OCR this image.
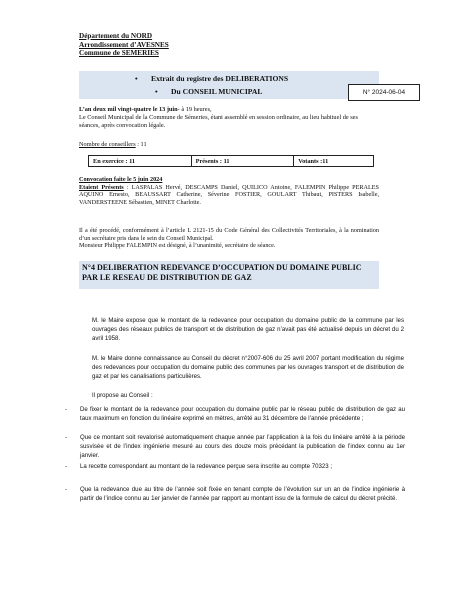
Département du NORD
Arrondissement d’AVESNES
Commune de SEMERIES
• Extrait du registre des DELIBERATIONS
• Du CONSEIL MUNICIPAL	N° 2024-06-04
L’an deux mil vingt-quatre le 13 juin- à 19 heures,
Le Conseil Municipal de la Commune de Sémeries, étant assemblé en session ordinaire, au lieu habituel de ses séances, après convocation légale.
Nombre de conseillers : 11
En exercice : 11	Présents : 11	Votants :11
Convocation faite le 5 juin 2024
Etaient Présents : LASPALAS Hervé, DESCAMPS Daniel, QUILICO Antoine, FALEMPIN Philippe PERALES AQUINO Ernesto, BEAUSSART Catherine, Séverine FOSTIER, GOULART Thibaut, PISTERS Isabelle, VANDERSTEENE Sébastien, MINET Charlotte.
Il a été procédé, conformément à l’article L 2121-15 du Code Général des Collectivités Territoriales, à la nomination d’un secrétaire pris dans le sein du Conseil Municipal.
Monsieur Philippe FALEMPIN est désigné, à l’unanimité, secrétaire de séance.
N°4 DELIBERATION REDEVANCE D’OCCUPATION DU DOMAINE PUBLIC PAR LE RESEAU DE DISTRIBUTION DE GAZ
M. le Maire expose que le montant de la redevance pour occupation du domaine public de la commune par les ouvrages des réseaux publics de transport et de distribution de gaz n’avait pas été actualisé depuis un décret du 2 avril 1958.
M. le Maire donne connaissance au Conseil du décret n°2007-606 du 25 avril 2007 portant modification du régime des redevances pour occupation du domaine public des communes par les ouvrages transport et de distribution de gaz et par les canalisations particulières.
Il propose au Conseil :
- De fixer le montant de la redevance pour occupation du domaine public par le réseau public de distribution de gaz au taux maximum en fonction du linéaire exprimé en mètres, arrêté au 31 décembre de l’année précédente ;
- Que ce montant soit revalorisé automatiquement chaque année par l’application à la fois du linéaire arrêté à la période susvisée et de l’index ingénierie mesuré au cours des douze mois précédant la publication de l’index connu au 1er janvier.
- La recette correspondant au montant de la redevance perçue sera inscrite au compte 70323 ;
- Que la redevance due au titre de l’année soit fixée en tenant compte de l’évolution sur un an de l’indice ingénierie à partir de l’indice connu au 1er janvier de l’année par rapport au montant issu de la formule de calcul du décret précité.
